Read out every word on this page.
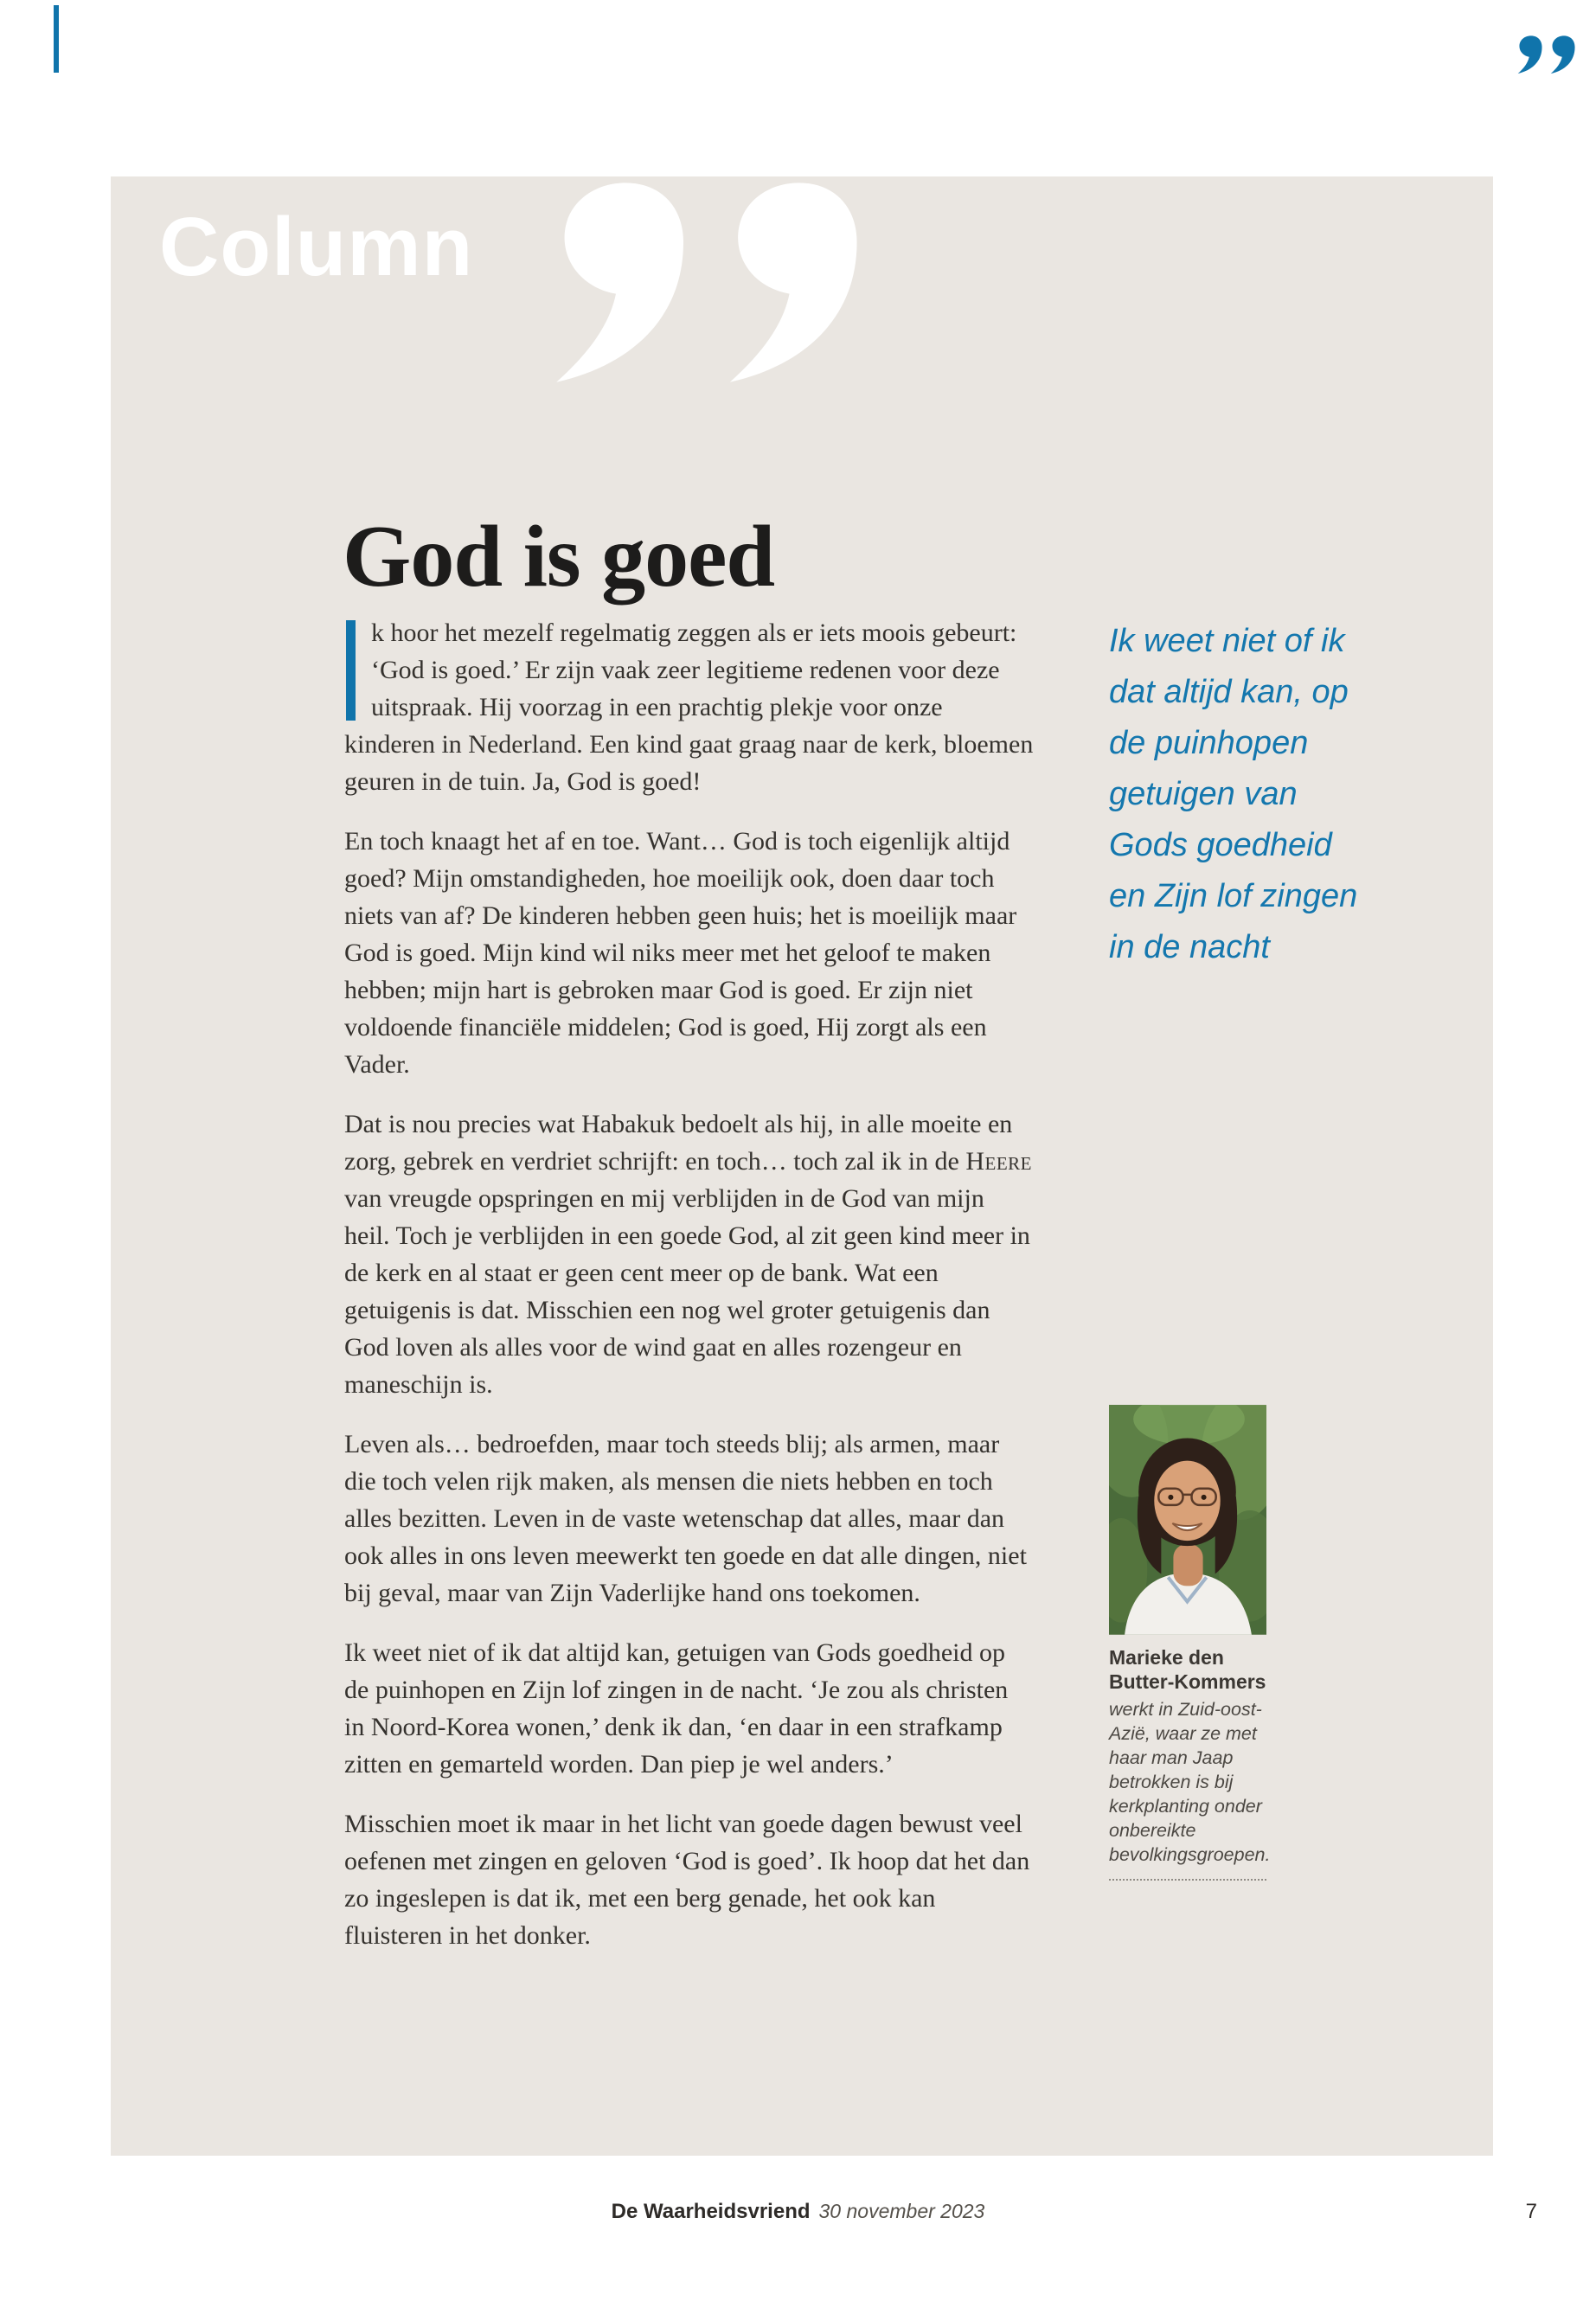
Column
God is goed

k hoor het mezelf regelmatig zeggen als er iets moois gebeurt: ‘God is goed.’ Er zijn vaak zeer legitieme redenen voor deze uitspraak. Hij voorzag in een prachtig plekje voor onze kinderen in Nederland. Een kind gaat graag naar de kerk, bloemen geuren in de tuin. Ja, God is goed!

En toch knaagt het af en toe. Want… God is toch eigenlijk altijd goed? Mijn omstandigheden, hoe moeilijk ook, doen daar toch niets van af? De kinderen hebben geen huis; het is moeilijk maar God is goed. Mijn kind wil niks meer met het geloof te maken hebben; mijn hart is gebroken maar God is goed. Er zijn niet voldoende financiële middelen; God is goed, Hij zorgt als een Vader.

Dat is nou precies wat Habakuk bedoelt als hij, in alle moeite en zorg, gebrek en verdriet schrijft: en toch… toch zal ik in de Heere van vreugde opspringen en mij verblijden in de God van mijn heil. Toch je verblijden in een goede God, al zit geen kind meer in de kerk en al staat er geen cent meer op de bank. Wat een getuigenis is dat. Misschien een nog wel groter getuigenis dan God loven als alles voor de wind gaat en alles rozengeur en maneschijn is.

Leven als… bedroefden, maar toch steeds blij; als armen, maar die toch velen rijk maken, als mensen die niets hebben en toch alles bezitten. Leven in de vaste wetenschap dat alles, maar dan ook alles in ons leven meewerkt ten goede en dat alle dingen, niet bij geval, maar van Zijn Vaderlijke hand ons toekomen.

Ik weet niet of ik dat altijd kan, getuigen van Gods goedheid op de puinhopen en Zijn lof zingen in de nacht. ‘Je zou als christen in Noord-Korea wonen,’ denk ik dan, ‘en daar in een strafkamp zitten en gemarteld worden. Dan piep je wel anders.’

Misschien moet ik maar in het licht van goede dagen bewust veel oefenen met zingen en geloven ‘God is goed’. Ik hoop dat het dan zo ingeslepen is dat ik, met een berg genade, het ook kan fluisteren in het donker.

Ik weet niet of ik dat altijd kan, op de puinhopen getuigen van Gods goedheid en Zijn lof zingen in de nacht

Marieke den Butter-Kommers

werkt in Zuid-oost-Azië, waar ze met haar man Jaap betrokken is bij kerkplanting onder onbereikte bevolkingsgroepen.
De Waarheidsvriend 30 november 2023	7
